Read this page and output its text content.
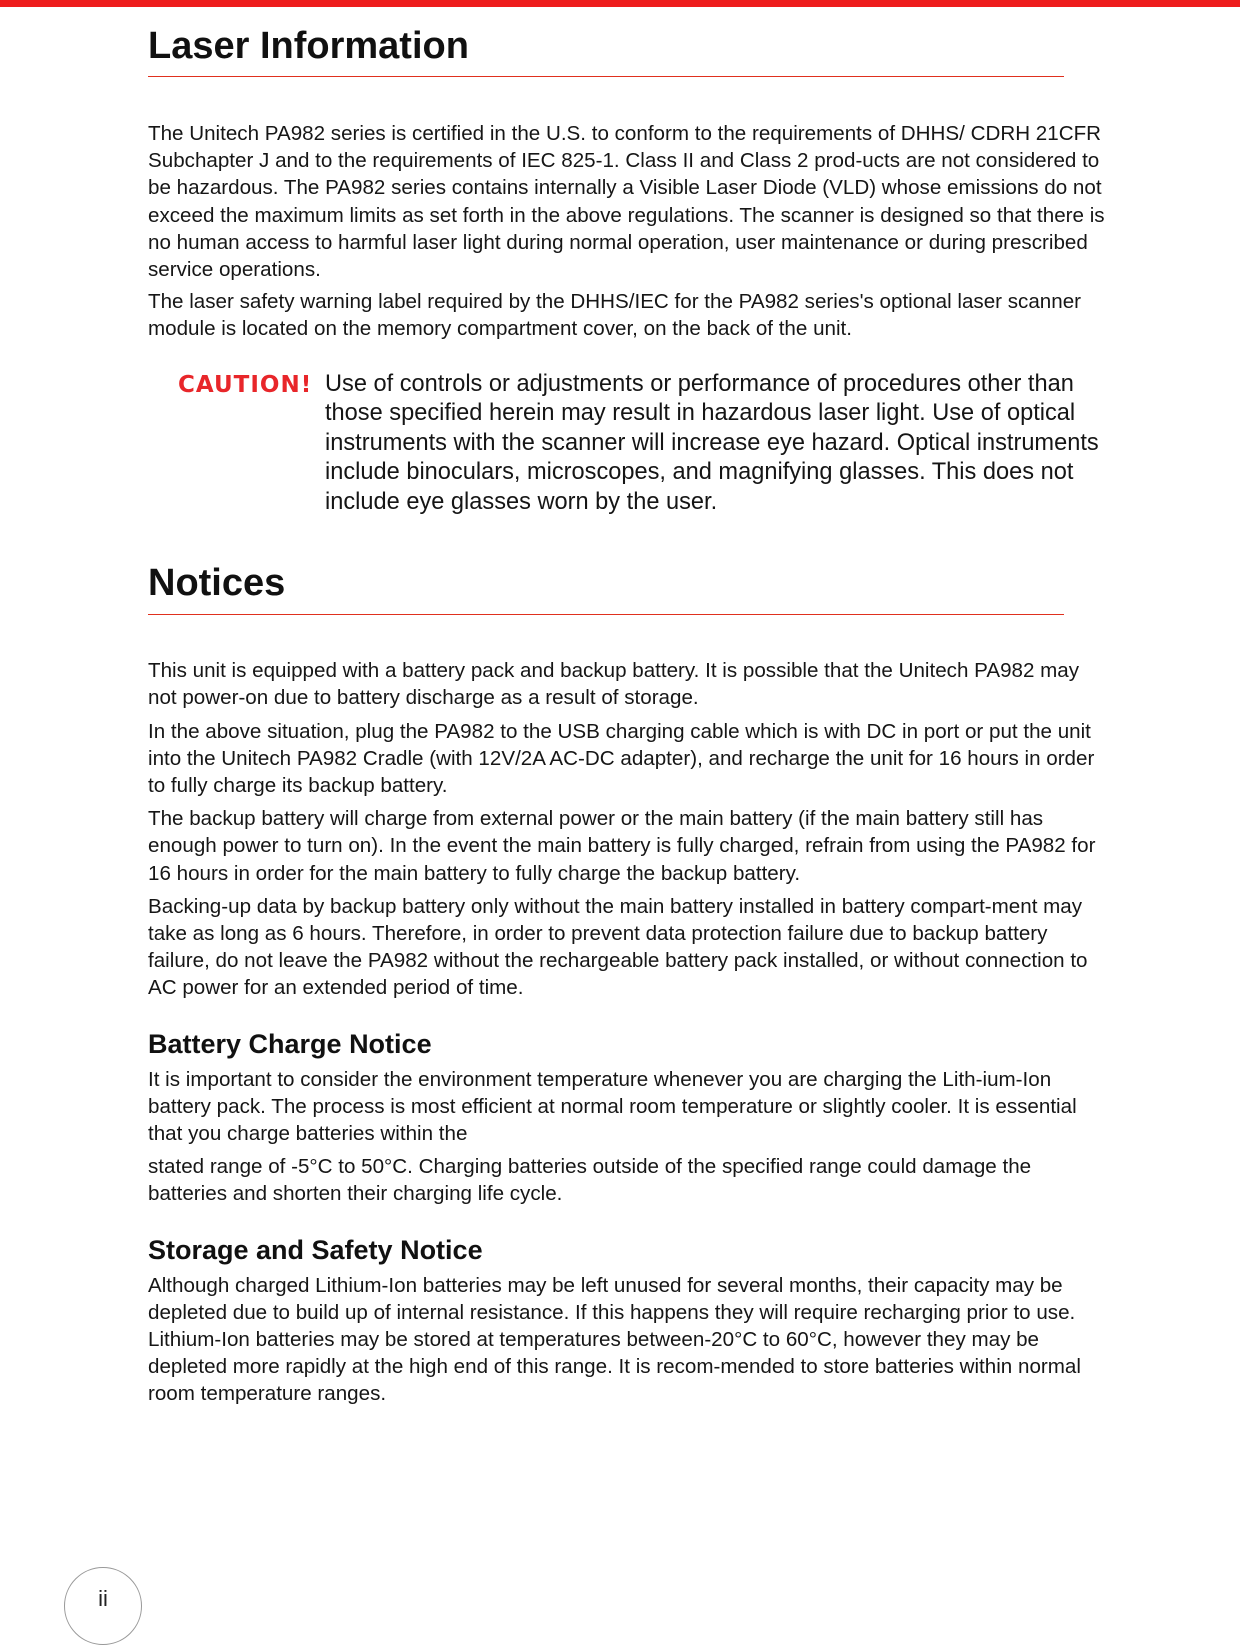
Laser Information

The Unitech PA982 series is certified in the U.S. to conform to the requirements of DHHS/ CDRH 21CFR Subchapter J and to the requirements of IEC 825-1. Class II and Class 2 prod-ucts are not considered to be hazardous. The PA982 series contains internally a Visible Laser Diode (VLD) whose emissions do not exceed the maximum limits as set forth in the above regulations. The scanner is designed so that there is no human access to harmful laser light during normal operation, user maintenance or during prescribed service operations.

The laser safety warning label required by the DHHS/IEC for the PA982 series's optional laser scanner module is located on the memory compartment cover, on the back of the unit.

CAUTION! Use of controls or adjustments or performance of procedures other than those specified herein may result in hazardous laser light. Use of optical instruments with the scanner will increase eye hazard. Optical instruments include binoculars, microscopes, and magnifying glasses. This does not include eye glasses worn by the user.

Notices

This unit is equipped with a battery pack and backup battery. It is possible that the Unitech PA982 may not power-on due to battery discharge as a result of storage.

In the above situation, plug the PA982 to the USB charging cable which is with DC in port or put the unit into the Unitech PA982 Cradle (with 12V/2A AC-DC adapter), and recharge the unit for 16 hours in order to fully charge its backup battery.

The backup battery will charge from external power or the main battery (if the main battery still has enough power to turn on). In the event the main battery is fully charged, refrain from using the PA982 for 16 hours in order for the main battery to fully charge the backup battery.

Backing-up data by backup battery only without the main battery installed in battery compart-ment may take as long as 6 hours. Therefore, in order to prevent data protection failure due to backup battery failure, do not leave the PA982 without the rechargeable battery pack installed, or without connection to AC power for an extended period of time.

Battery Charge Notice

It is important to consider the environment temperature whenever you are charging the Lith-ium-Ion battery pack. The process is most efficient at normal room temperature or slightly cooler. It is essential that you charge batteries within the

stated range of -5°C to 50°C. Charging batteries outside of the specified range could damage the batteries and shorten their charging life cycle.

Storage and Safety Notice

Although charged Lithium-Ion batteries may be left unused for several months, their capacity may be depleted due to build up of internal resistance. If this happens they will require recharging prior to use. Lithium-Ion batteries may be stored at temperatures between-20°C to 60°C, however they may be depleted more rapidly at the high end of this range. It is recom-mended to store batteries within normal room temperature ranges.

ii
